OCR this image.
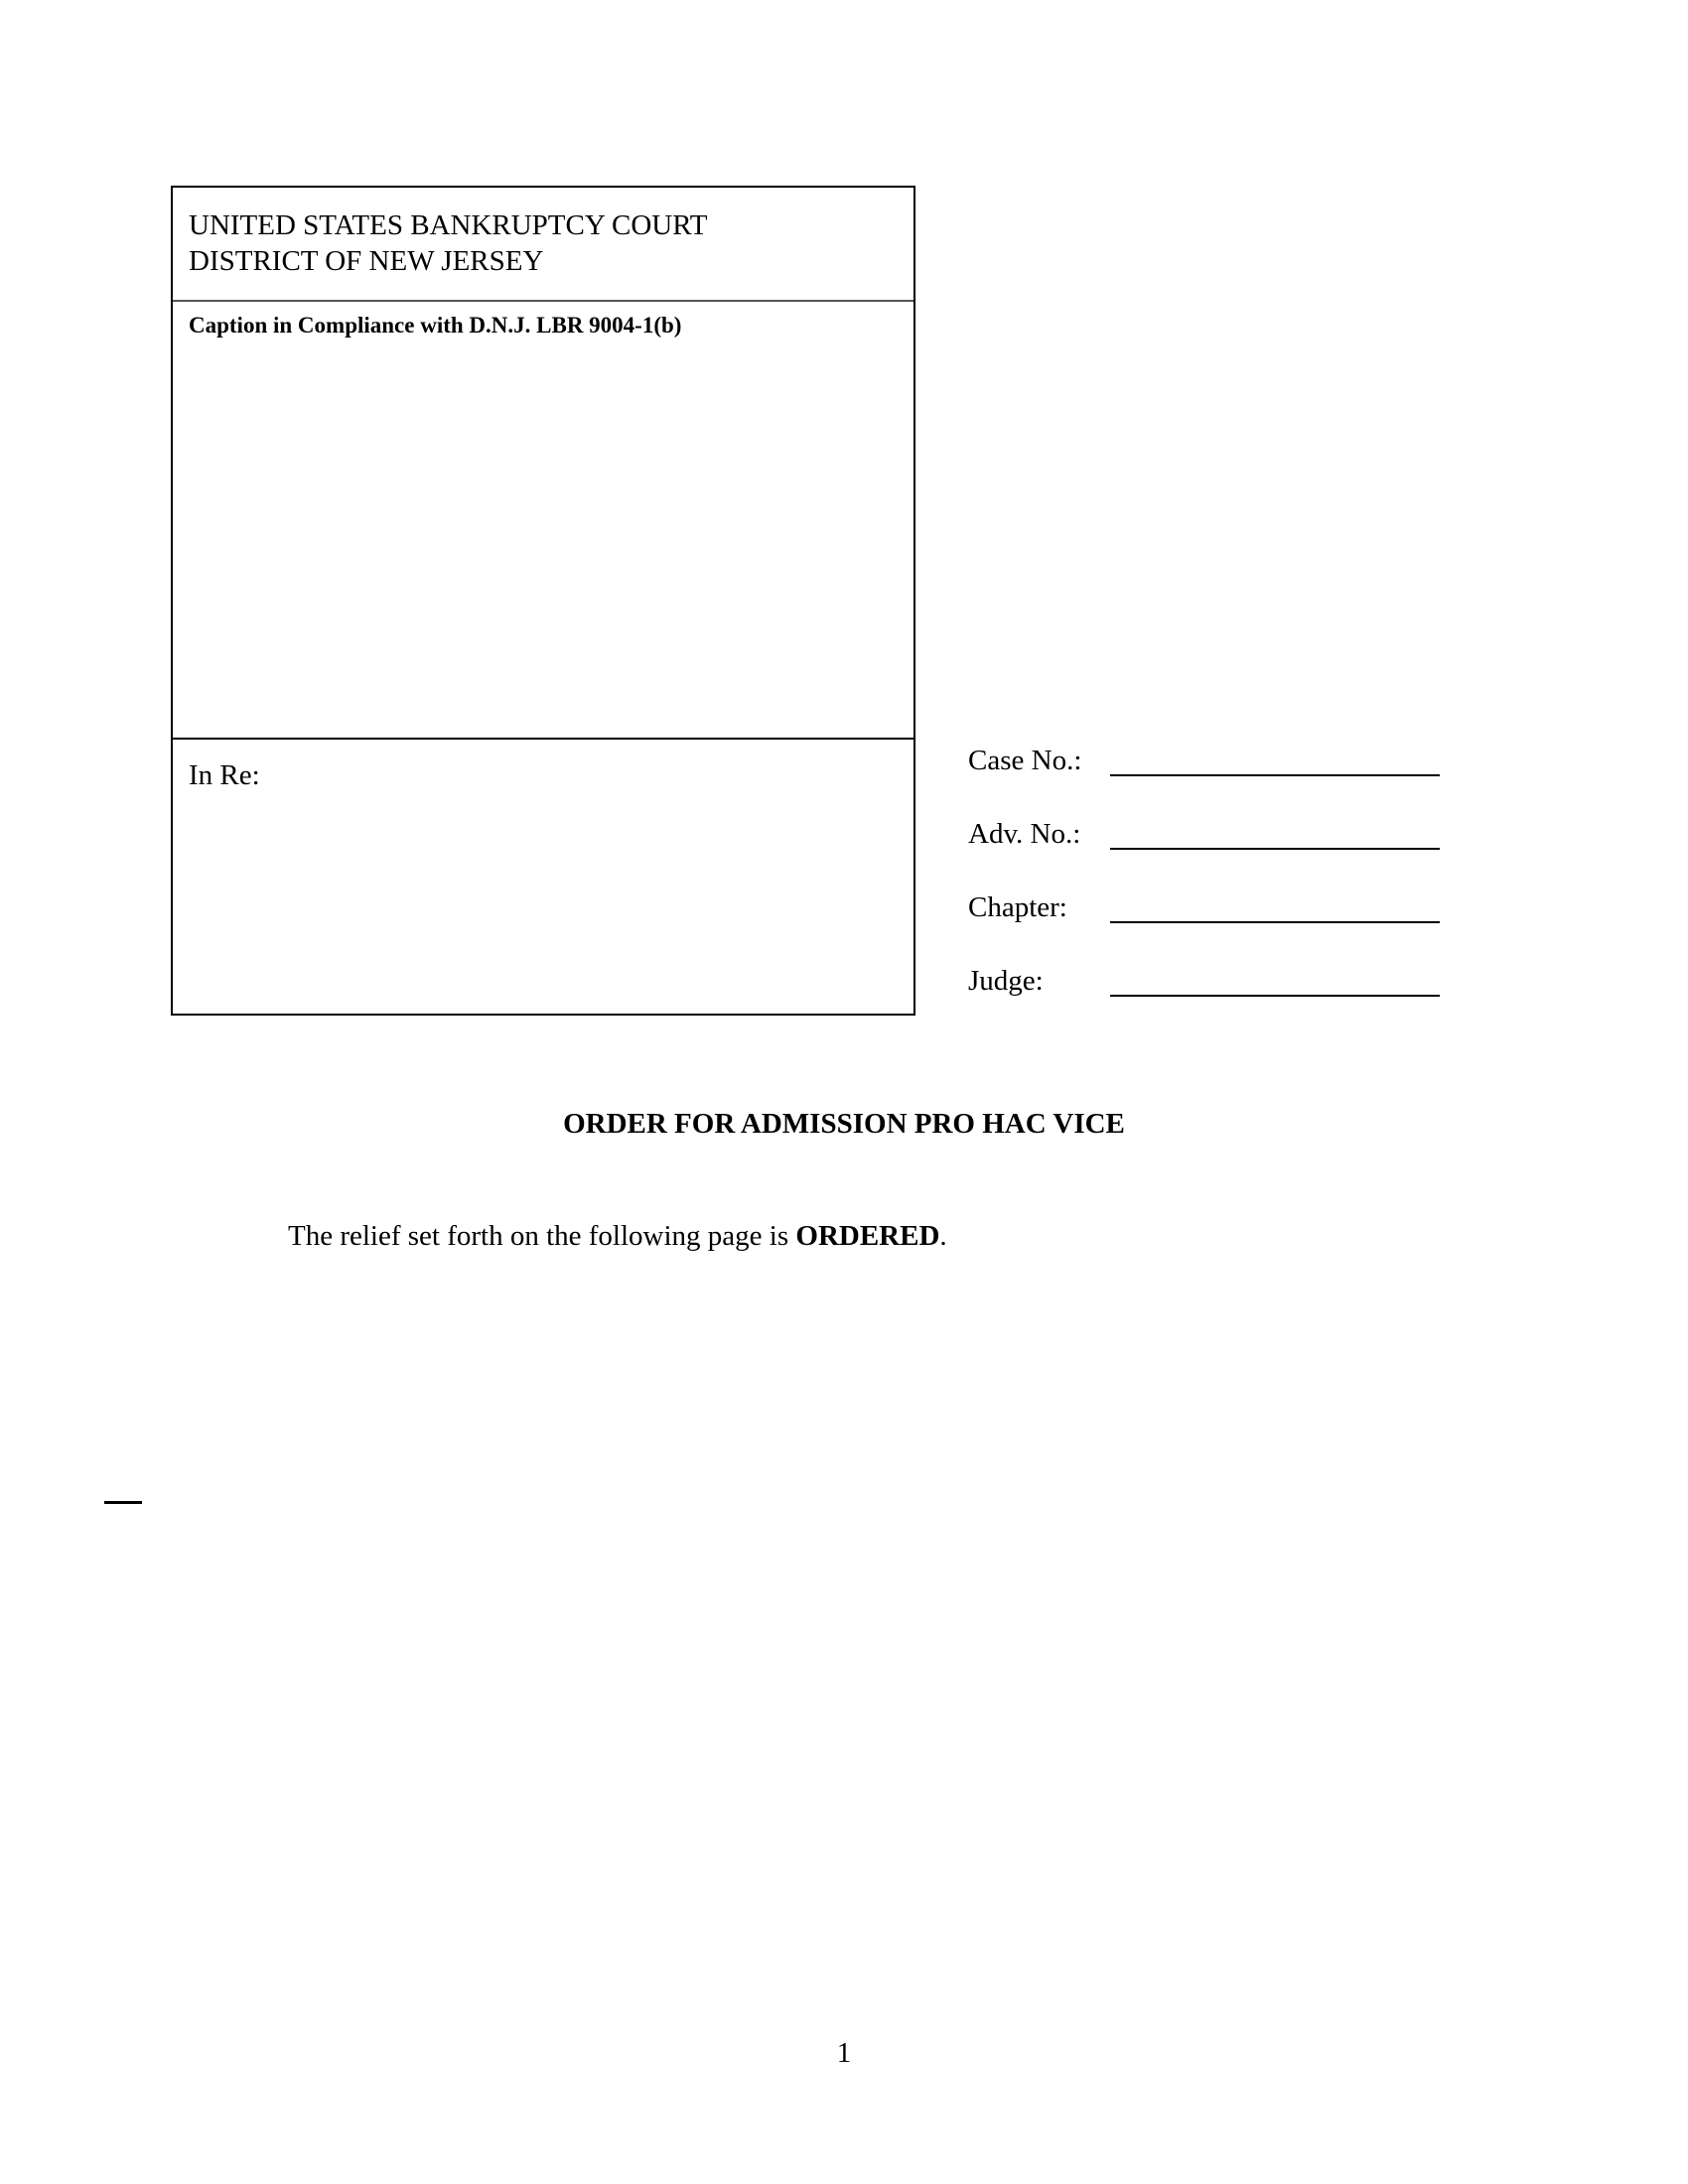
UNITED STATES BANKRUPTCY COURT
DISTRICT OF NEW JERSEY
Caption in Compliance with D.N.J. LBR 9004-1(b)
In Re:	Case No.:
Adv. No.:
Chapter:
Judge:
ORDER FOR ADMISSION PRO HAC VICE
The relief set forth on the following page is ORDERED.
1
